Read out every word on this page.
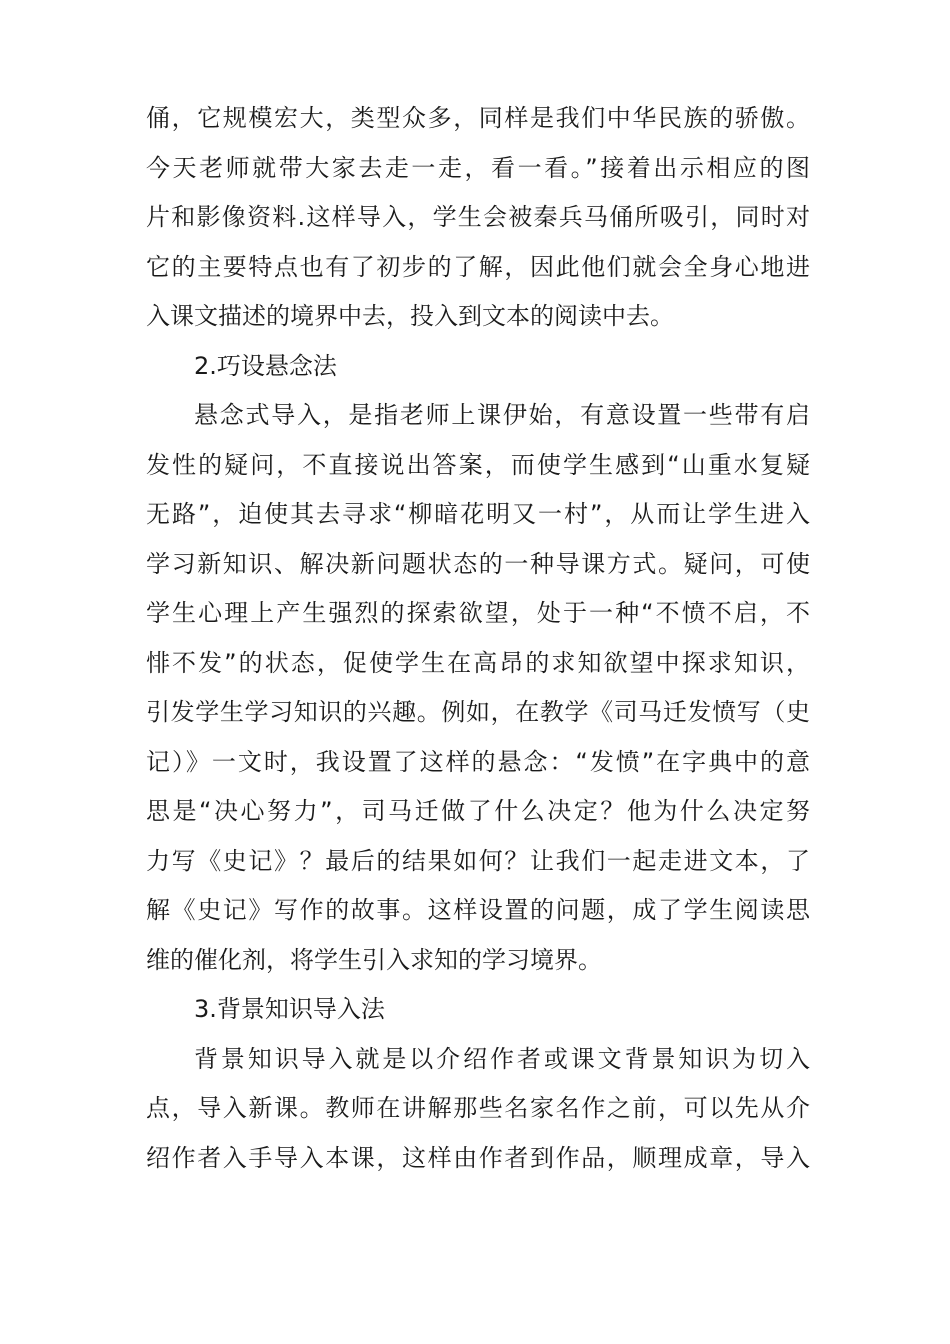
俑，它规模宏大，类型众多，同样是我们中华民族的骄傲。
今天老师就带大家去走一走，看一看。”接着出示相应的图
片和影像资料.这样导入，学生会被秦兵马俑所吸引，同时对
它的主要特点也有了初步的了解，因此他们就会全身心地进
入课文描述的境界中去，投入到文本的阅读中去。
2.巧设悬念法
悬念式导入，是指老师上课伊始，有意设置一些带有启
发性的疑问，不直接说出答案，而使学生感到“山重水复疑
无路”，迫使其去寻求“柳暗花明又一村”，从而让学生进入
学习新知识、解决新问题状态的一种导课方式。疑问，可使
学生心理上产生强烈的探索欲望，处于一种“不愤不启，不
悱不发”的状态，促使学生在高昂的求知欲望中探求知识，
引发学生学习知识的兴趣。例如，在教学《司马迁发愤写（史
记）》一文时，我设置了这样的悬念：“发愤”在字典中的意
思是“决心努力”，司马迁做了什么决定？他为什么决定努
力写《史记》？最后的结果如何？让我们一起走进文本，了
解《史记》写作的故事。这样设置的问题，成了学生阅读思
维的催化剂，将学生引入求知的学习境界。
3.背景知识导入法
背景知识导入就是以介绍作者或课文背景知识为切入
点，导入新课。教师在讲解那些名家名作之前，可以先从介
绍作者入手导入本课，这样由作者到作品，顺理成章，导入
